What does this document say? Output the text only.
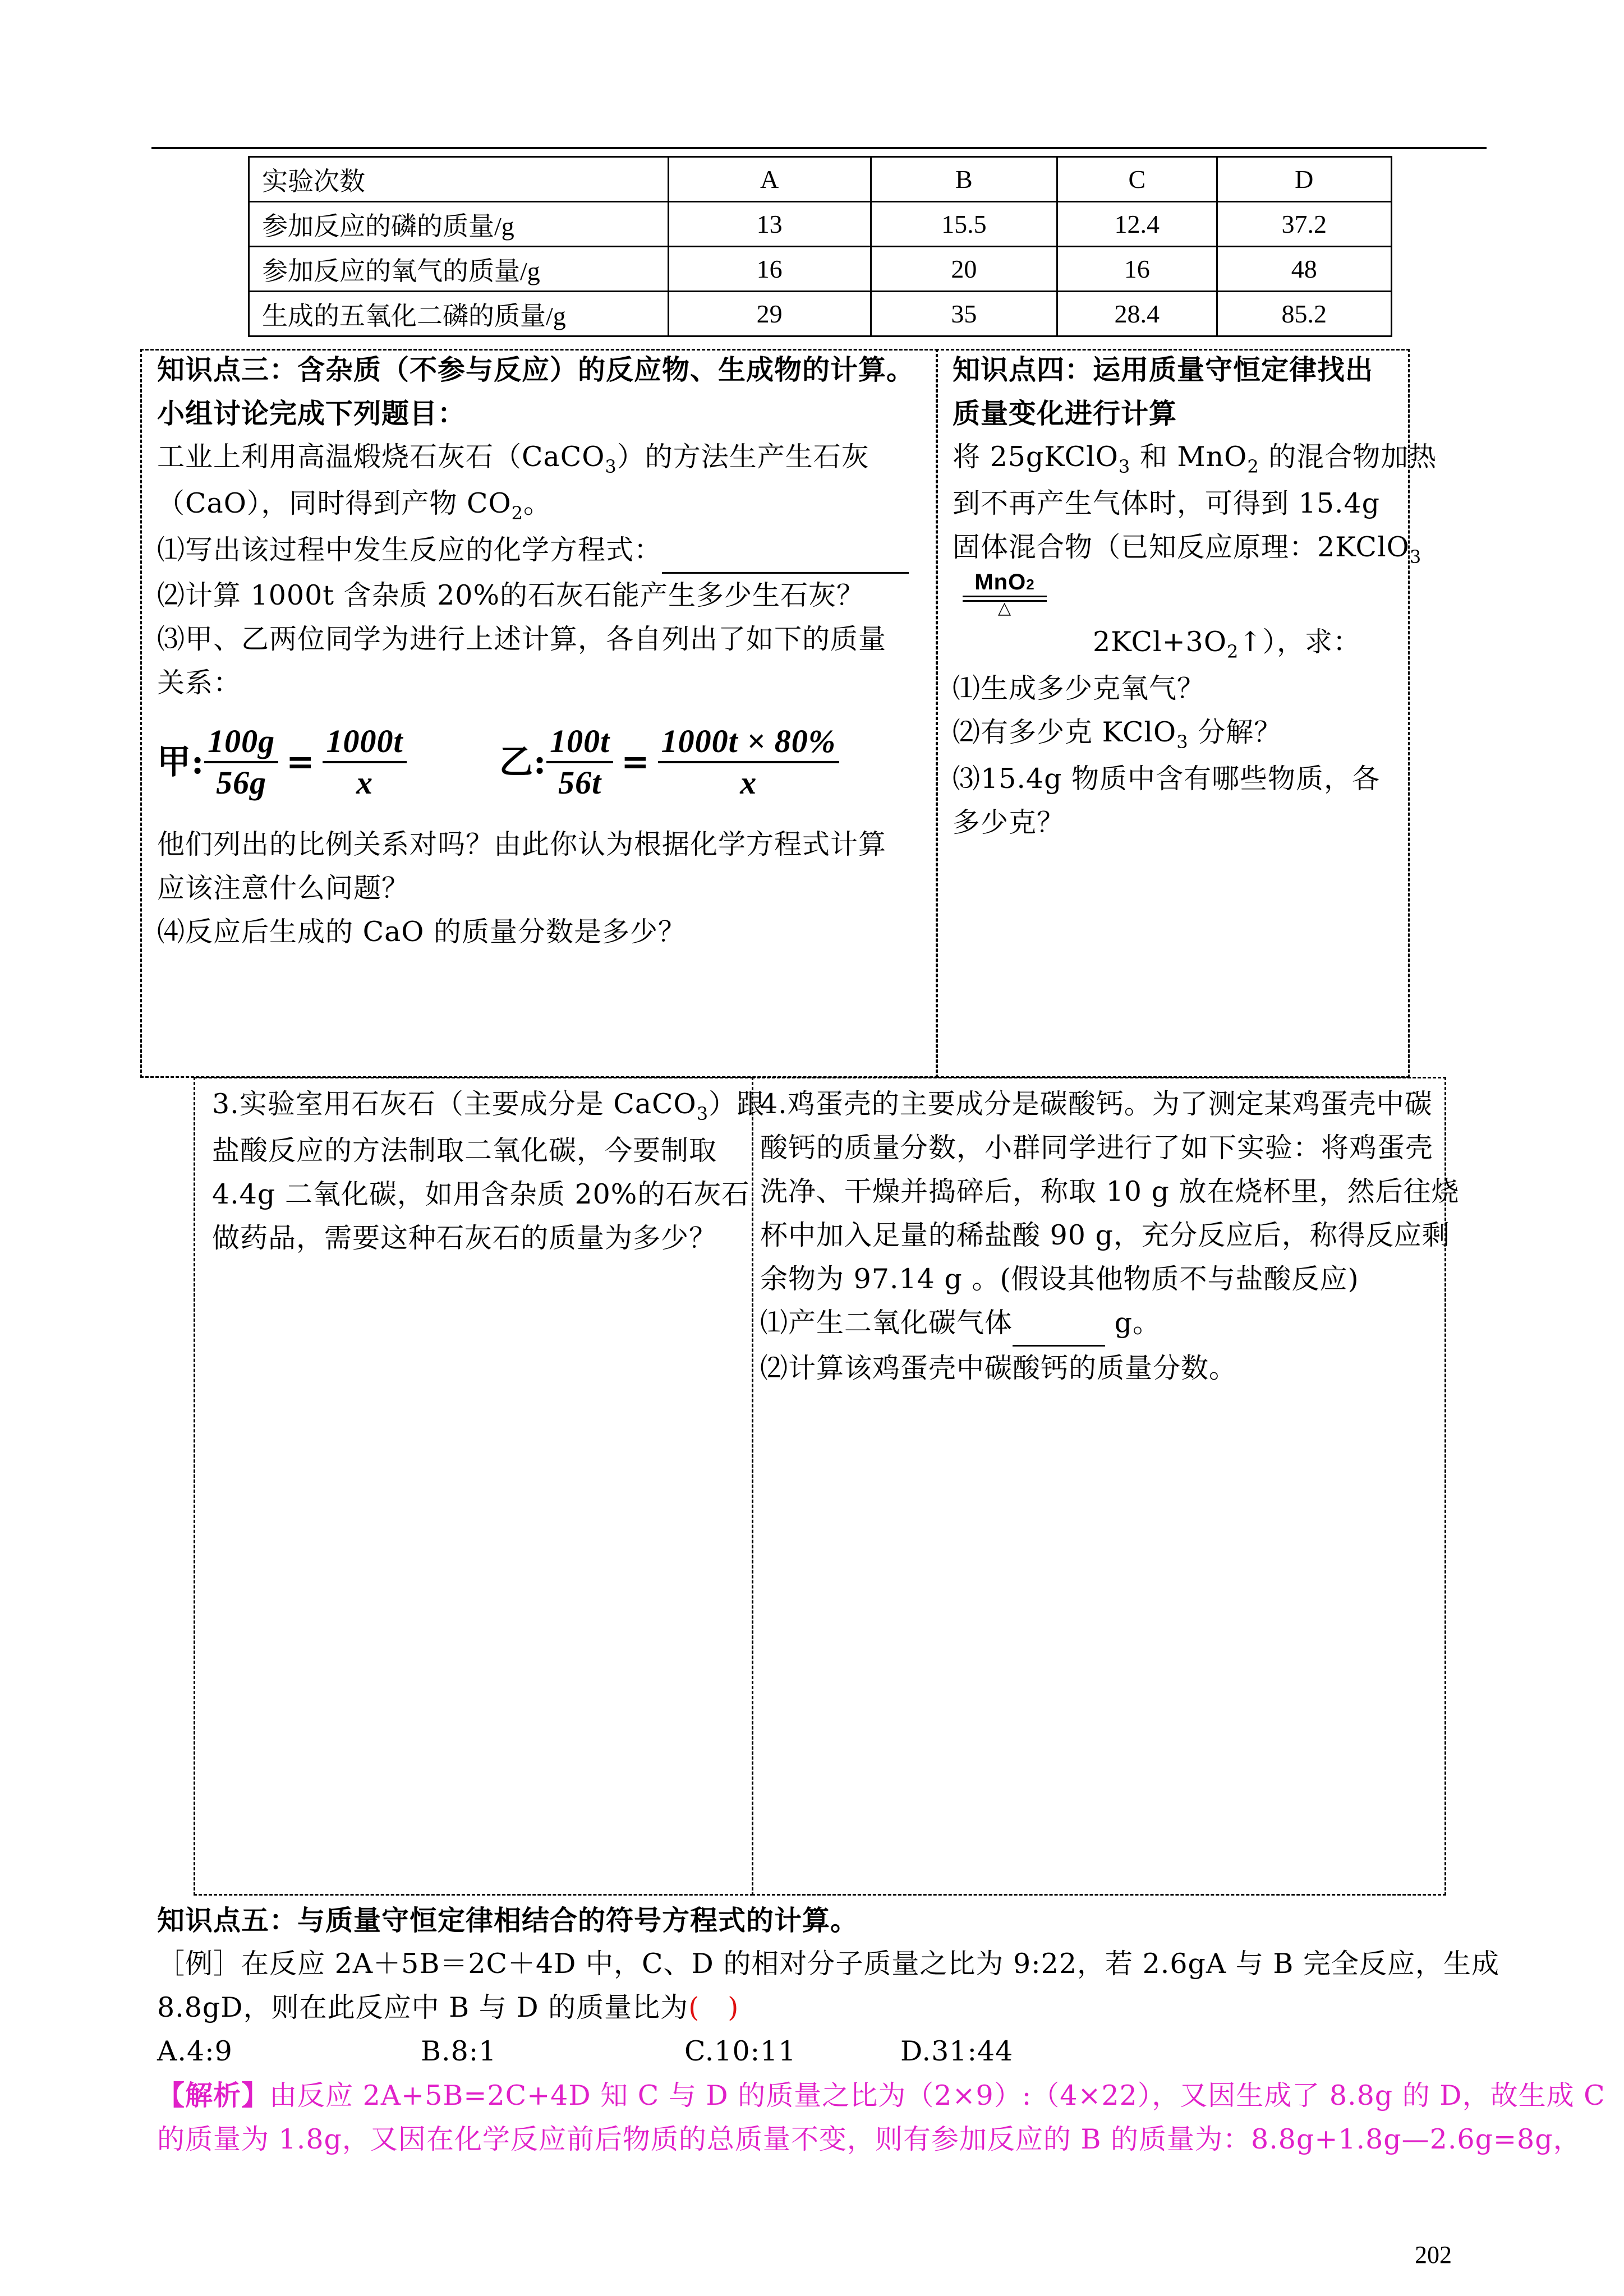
实验次数	A	B	C	D
参加反应的磷的质量/g	13	15.5	12.4	37.2
参加反应的氧气的质量/g	16	20	16	48
生成的五氧化二磷的质量/g	29	35	28.4	85.2

知识点三：含杂质（不参与反应）的反应物、生成物的计算。

小组讨论完成下列题目：

工业上利用高温煅烧石灰石（CaCO$_3$）的方法生产生石灰

（CaO），同时得到产物 $CO_2$。

⑴写出该过程中发生反应的化学方程式：

⑵计算 1000t 含杂质 20%的石灰石能产生多少生石灰？

⑶甲、乙两位同学为进行上述计算，各自列出了如下的质量

关系：

甲: $\frac{100g}{56g} = \frac{1000t}{x}$	乙: $\frac{100t}{56t} = \frac{1000t \times 80\%}{x}$

他们列出的比例关系对吗？由此你认为根据化学方程式计算

应该注意什么问题？

⑷反应后生成的 CaO 的质量分数是多少？

知识点四：运用质量守恒定律找出

质量变化进行计算

将 25gKClO$_3$ 和 MnO$_2$ 的混合物加热

到不再产生气体时，可得到 15.4g

固体混合物（已知反应原理：2KClO$_3$

MnO2
△

$2KCl+3O_2↑$），求：

⑴生成多少克氧气？

⑵有多少克 KClO$_3$ 分解？

⑶15.4g 物质中含有哪些物质，各

多少克？

3.实验室用石灰石（主要成分是 CaCO$_3$）跟

盐酸反应的方法制取二氧化碳，今要制取

4.4g 二氧化碳，如用含杂质 20%的石灰石

做药品，需要这种石灰石的质量为多少？

4.鸡蛋壳的主要成分是碳酸钙。为了测定某鸡蛋壳中碳

酸钙的质量分数，小群同学进行了如下实验：将鸡蛋壳

洗净、干燥并捣碎后，称取 10 g 放在烧杯里，然后往烧

杯中加入足量的稀盐酸 90 g，充分反应后，称得反应剩

余物为 97.14 g 。(假设其他物质不与盐酸反应)

⑴产生二氧化碳气体	g。

⑵计算该鸡蛋壳中碳酸钙的质量分数。

知识点五：与质量守恒定律相结合的符号方程式的计算。

［例］在反应 2A＋5B＝2C＋4D 中，C、D 的相对分子质量之比为 9:22，若 2.6gA 与 B 完全反应，生成

8.8gD，则在此反应中 B 与 D 的质量比为(　)

A.4:9	B.8:1	C.10:11	D.31:44

【解析】由反应 2A+5B=2C+4D 知 C 与 D 的质量之比为（2×9）:（4×22），又因生成了 8.8g 的 D，故生成 C

的质量为 1.8g，又因在化学反应前后物质的总质量不变，则有参加反应的 B 的质量为：8.8g+1.8g—2.6g=8g，

202
